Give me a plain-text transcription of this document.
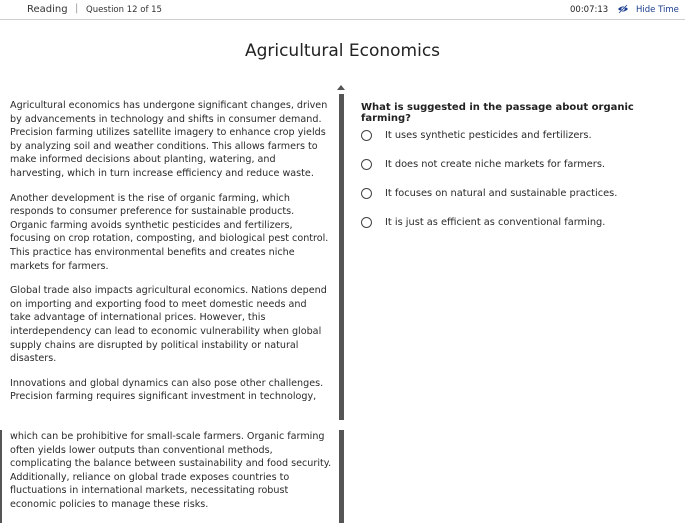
Reading | Question 12 of 15	00:07:13	Hide Time
Agricultural Economics

Agricultural economics has undergone significant changes, driven by advancements in technology and shifts in consumer demand. Precision farming utilizes satellite imagery to enhance crop yields by analyzing soil and weather conditions. This allows farmers to make informed decisions about planting, watering, and harvesting, which in turn increase efficiency and reduce waste.

Another development is the rise of organic farming, which responds to consumer preference for sustainable products. Organic farming avoids synthetic pesticides and fertilizers, focusing on crop rotation, composting, and biological pest control. This practice has environmental benefits and creates niche markets for farmers.

Global trade also impacts agricultural economics. Nations depend on importing and exporting food to meet domestic needs and take advantage of international prices. However, this interdependency can lead to economic vulnerability when global supply chains are disrupted by political instability or natural disasters.

Innovations and global dynamics can also pose other challenges. Precision farming requires significant investment in technology,

which can be prohibitive for small-scale farmers. Organic farming often yields lower outputs than conventional methods, complicating the balance between sustainability and food security. Additionally, reliance on global trade exposes countries to fluctuations in international markets, necessitating robust economic policies to manage these risks.

What is suggested in the passage about organic farming?
It uses synthetic pesticides and fertilizers.
It does not create niche markets for farmers.
It focuses on natural and sustainable practices.
It is just as efficient as conventional farming.
